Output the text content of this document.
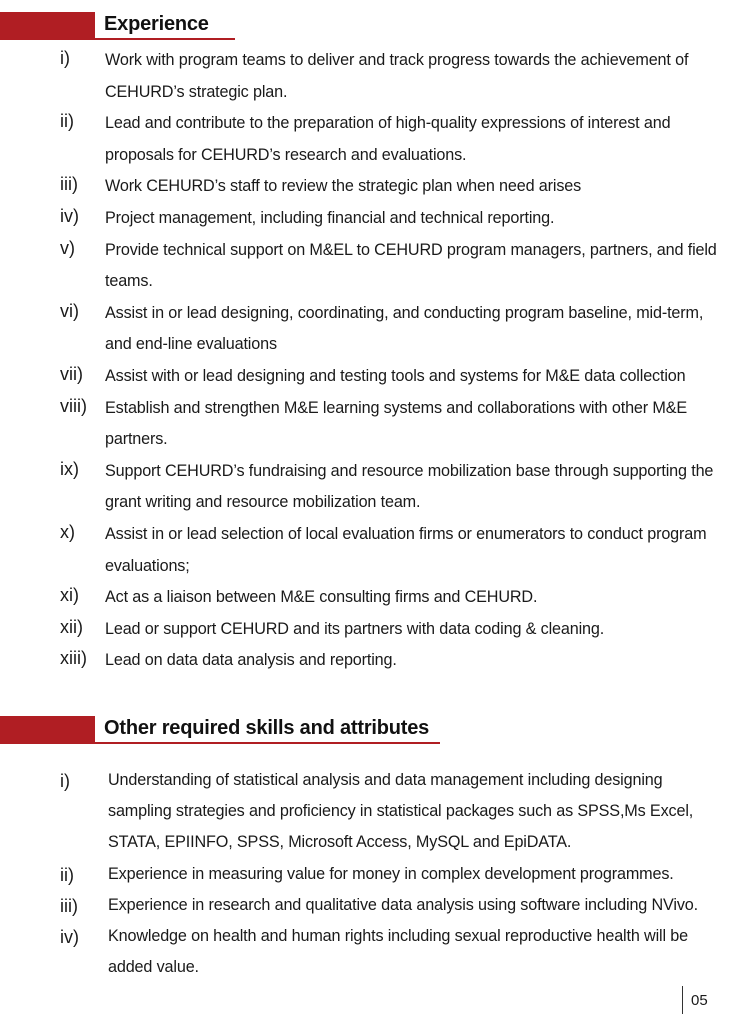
Experience
i) Work with program teams to deliver and track progress towards the achievement of CEHURD’s strategic plan.
ii) Lead and contribute to the preparation of high-quality expressions of interest and proposals for CEHURD’s research and evaluations.
iii) Work CEHURD’s staff to review the strategic plan when need arises
iv) Project management, including financial and technical reporting.
v) Provide technical support on M&EL to CEHURD program managers, partners, and field teams.
vi) Assist in or lead designing, coordinating, and conducting program baseline, mid-term, and end-line evaluations
vii) Assist with or lead designing and testing tools and systems for M&E data collection
viii) Establish and strengthen M&E learning systems and collaborations with other M&E partners.
ix) Support CEHURD’s fundraising and resource mobilization base through supporting the grant writing and resource mobilization team.
x) Assist in or lead selection of local evaluation firms or enumerators to conduct program evaluations;
xi) Act as a liaison between M&E consulting firms and CEHURD.
xii) Lead or support CEHURD and its partners with data coding & cleaning.
xiii) Lead on data data analysis and reporting.
Other required skills and attributes
i) Understanding of statistical analysis and data management including designing sampling strategies and proficiency in statistical packages such as SPSS,Ms Excel, STATA, EPIINFO, SPSS, Microsoft Access, MySQL and EpiDATA.
ii) Experience in measuring value for money in complex development programmes.
iii) Experience in research and qualitative data analysis using software including NVivo.
iv) Knowledge on health and human rights including sexual reproductive health will be added value.
05
